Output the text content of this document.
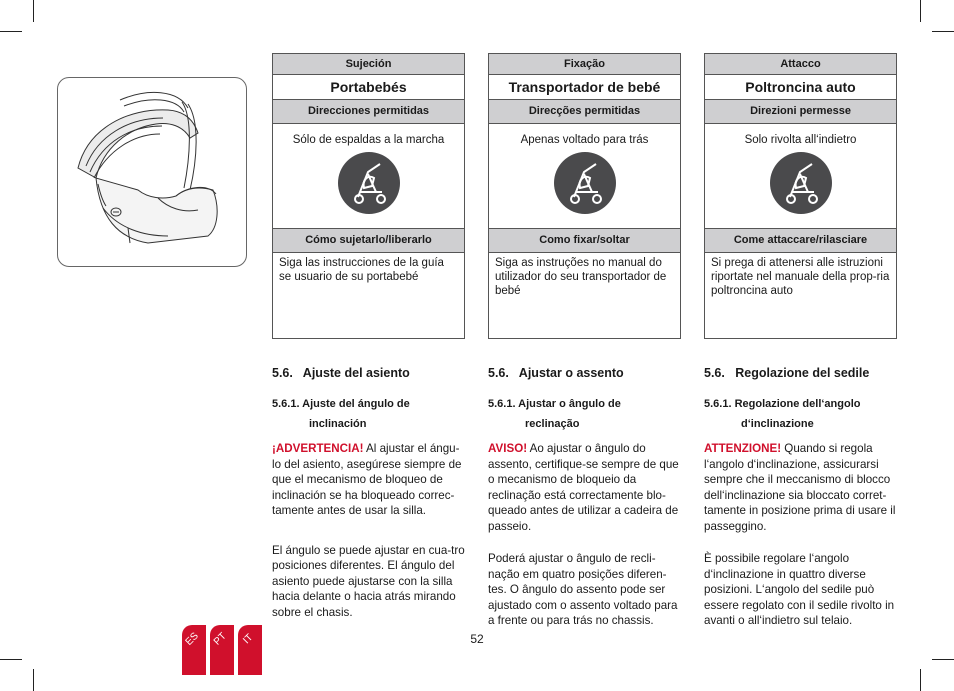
Sujeción
Portabebés
Direcciones permitidas
Sólo de espaldas a la marcha
Cómo sujetarlo/liberarlo
Siga las instrucciones de la guía se usuario de su portabebé
Fixação
Transportador de bebé
Direcções permitidas
Apenas voltado para trás
Como fixar/soltar
Siga as instruções no manual do utilizador do seu transportador de bebé
Attacco
Poltroncina auto
Direzioni permesse
Solo rivolta all‘indietro
Come attaccare/rilasciare
Si prega di attenersi alle istruzioni riportate nel manuale della prop-ria poltroncina auto
5.6.   Ajuste del asiento
5.6.1. Ajuste del ángulo de
inclinación

¡ADVERTENCIA! Al ajustar el ángu-lo del asiento, asegúrese siempre de que el mecanismo de bloqueo de inclinación se ha bloqueado correc-tamente antes de usar la silla.

El ángulo se puede ajustar en cua-tro posiciones diferentes. El ángulo del asiento puede ajustarse con la silla hacia delante o hacia atrás mirando sobre el chasis.

5.6.   Ajustar o assento
5.6.1. Ajustar o ângulo de
reclinação

AVISO! Ao ajustar o ângulo do assento, certifique-se sempre de que o mecanismo de bloqueio da reclinação está correctamente blo-queado antes de utilizar a cadeira de passeio.

Poderá ajustar o ângulo de recli-nação em quatro posições diferen-tes. O ângulo do assento pode ser ajustado com o assento voltado para a frente ou para trás no chassis.

5.6.   Regolazione del sedile
5.6.1. Regolazione dell‘angolo
d‘inclinazione

ATTENZIONE! Quando si regola l‘angolo d‘inclinazione, assicurarsi sempre che il meccanismo di blocco dell‘inclinazione sia bloccato corret-tamente in posizione prima di usare il passeggino.

È possibile regolare l‘angolo d‘inclinazione in quattro diverse posizioni. L‘angolo del sedile può essere regolato con il sedile rivolto in avanti o all‘indietro sul telaio.

52
ES PT IT
